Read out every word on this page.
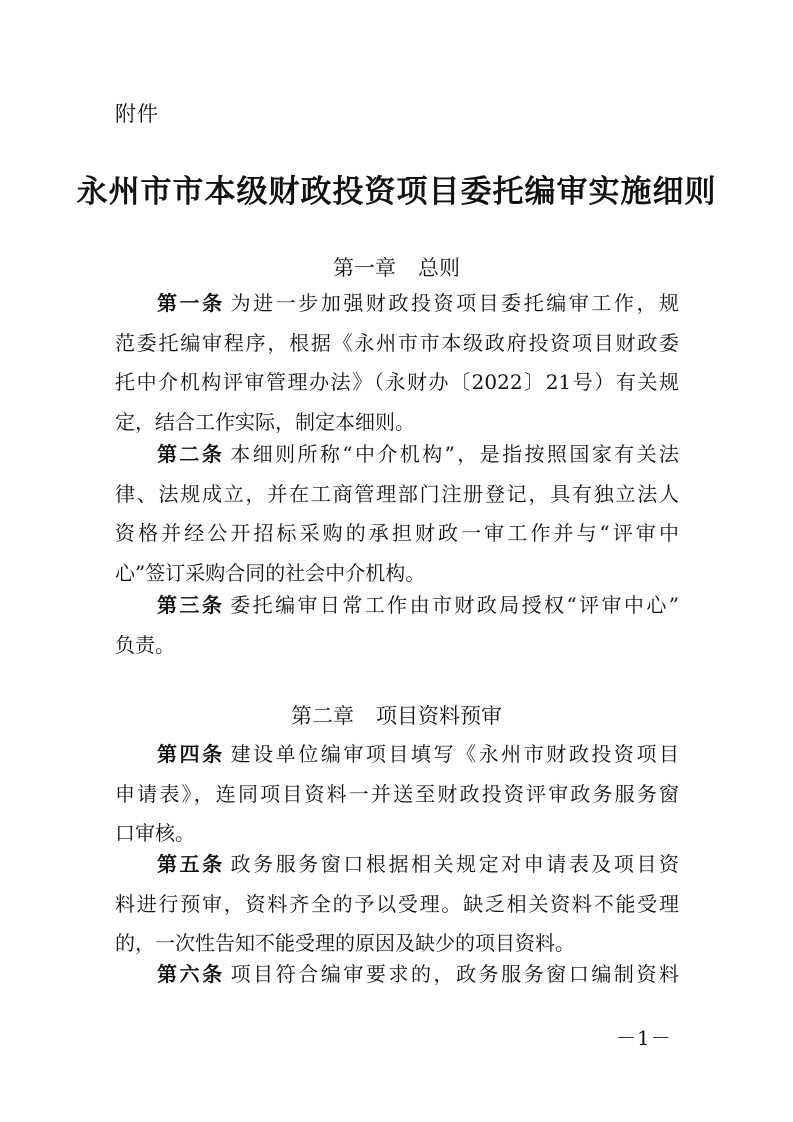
附件
永州市市本级财政投资项目委托编审实施细则
第一章 总则
第一条 为进一步加强财政投资项目委托编审工作，规
范委托编审程序，根据《永州市市本级政府投资项目财政委
托中介机构评审管理办法》（永财办〔2022〕21号）有关规
定，结合工作实际，制定本细则。
第二条 本细则所称“中介机构”，是指按照国家有关法
律、法规成立，并在工商管理部门注册登记，具有独立法人
资格并经公开招标采购的承担财政一审工作并与“评审中
心”签订采购合同的社会中介机构。
第三条 委托编审日常工作由市财政局授权“评审中心”
负责。
第二章 项目资料预审
第四条 建设单位编审项目填写《永州市财政投资项目
申请表》，连同项目资料一并送至财政投资评审政务服务窗
口审核。
第五条 政务服务窗口根据相关规定对申请表及项目资
料进行预审，资料齐全的予以受理。缺乏相关资料不能受理
的，一次性告知不能受理的原因及缺少的项目资料。
第六条 项目符合编审要求的，政务服务窗口编制资料
－1－
